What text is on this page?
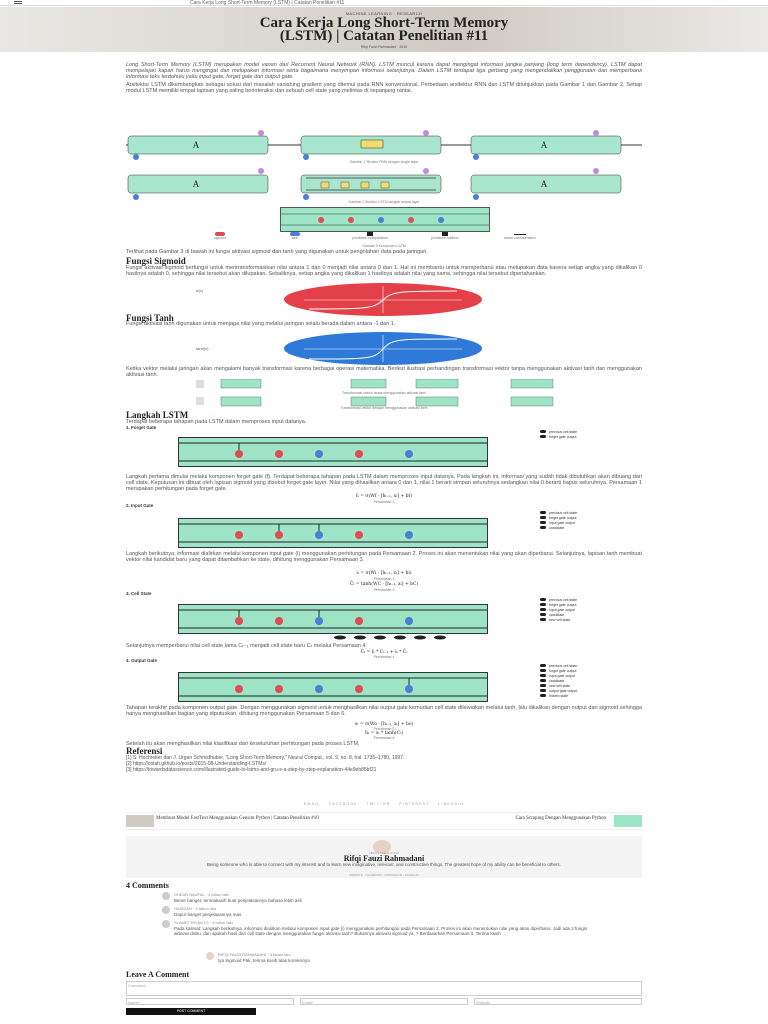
Cara Kerja Long Short-Term Memory (LSTM) | Catatan Penelitian #11
MACHINE LEARNING · RESEARCH
Cara Kerja Long Short-Term Memory
(LSTM) | Catatan Penelitian #11
Rifqi Fauzi Rahmadani · 2019
Long Short-Term Memory (LSTM) merupakan model varian dari Recurrent Neural Network (RNN). LSTM muncul karena dapat mengingat informasi jangka panjang (long term dependency). LSTM dapat mempelajari kapan harus mengingat dan melupakan informasi serta bagaimana menyimpan informasi selanjutnya. Dalam LSTM terdapat tiga gerbang yang mengendalikan penggunaan dan memperbarui informasi teks terdahulu yaitu input gate, forget gate dan output gate.
Arsitektur LSTM dikembangkan sebagai solusi dari masalah vanishing gradient yang ditemui pada RNN konvensional. Perbedaan arsitektur RNN dan LSTM ditunjukkan pada Gambar 1 dan Gambar 2. Setiap modul LSTM memiliki empat lapisan yang saling berinteraksi dan sebuah cell state yang melintas di sepanjang rantai.
A	A
Gambar 1 Struktur RNN dengan single layer
A	A
Gambar 2 Struktur LSTM dengan empat layer
sigmoid	tanh	pointwise multiplication	pointwise addition	vector concatenation
Gambar 3 Komponen LSTM
Terlihat pada Gambar 3 di bawah ini fungsi aktivasi sigmoid dan tanh yang digunakan untuk pengolahan data pada jaringan.
Fungsi Sigmoid
Fungsi aktivasi sigmoid berfungsi untuk mentransformasikan nilai antara 1 dan 0 menjadi nilai antara 0 dan 1. Hal ini membantu untuk memperbarui atau melupakan data karena setiap angka yang dikalikan 0 hasilnya adalah 0, sehingga nilai tersebut akan dilupakan. Sebaliknya, setiap angka yang dikalikan 1 hasilnya adalah nilai yang sama, sehingga nilai tersebut dipertahankan.
σ(x)
Fungsi Tanh
Fungsi aktivasi tanh digunakan untuk menjaga nilai yang melalui jaringan selalu berada dalam antara -1 dan 1.
tanh(x)
Ketika vektor melalui jaringan akan mengalami banyak transformasi karena berbagai operasi matematika. Berikut ilustrasi perbandingan transformasi vektor tanpa menggunakan aktivasi tanh dan menggunakan aktivasi tanh.
Transformasi vektor tanpa menggunakan aktivasi tanh
Transformasi vektor dengan menggunakan aktivasi tanh
Langkah LSTM
Terdapat beberapa tahapan pada LSTM dalam memproses input datanya.
1. Forget Gate
previous cell state
forget gate output
Langkah pertama dimulai melalui komponen forget gate (f). Terdapat beberapa tahapan pada LSTM dalam memproses input datanya. Pada langkah ini, informasi yang sudah tidak dibutuhkan akan dibuang dari cell state. Keputusan ini dibuat oleh lapisan sigmoid yang disebut forget gate layer. Nilai yang dihasilkan antara 0 dan 1, nilai 1 berarti simpan seluruhnya sedangkan nilai 0 berarti hapus seluruhnya. Persamaan 1 merupakan perhitungan pada forget gate.
fₜ = σ(Wf · [hₜ₋₁, xₜ] + bf)
Persamaan 1
2. Input Gate
previous cell state
forget gate output
input gate output
candidate
Langkah berikutnya, informasi dialirkan melalui komponen input gate (i) menggunakan perhitungan pada Persamaan 2. Proses ini akan menentukan nilai yang akan diperbarui. Selanjutnya, lapisan tanh membuat vektor nilai kandidat baru yang dapat ditambahkan ke state, dihitung menggunakan Persamaan 3.
iₜ = σ(Wi · [hₜ₋₁, xₜ] + bi)
Persamaan 2
C̃ₜ = tanh(WC · [hₜ₋₁, xₜ] + bC)
Persamaan 3
3. Cell State
previous cell state
forget gate output
input gate output
candidate
new cell state
Selanjutnya memperbarui nilai cell state lama Cₜ₋₁ menjadi cell state baru Cₜ melalui Persamaan 4.
Cₜ = fₜ * Cₜ₋₁ + iₜ * C̃ₜ
Persamaan 4
4. Output Gate
previous cell state
forget gate output
input gate output
candidate
new cell state
output gate output
hidden state
Tahapan terakhir pada komponen output gate. Dengan menggunakan sigmoid untuk menghasilkan nilai output gate kemudian cell state dilewatkan melalui tanh, lalu dikalikan dengan output dari sigmoid sehingga hanya menghasilkan bagian yang diputuskan, dihitung menggunakan Persamaan 5 dan 6.
oₜ = σ(Wo · [hₜ₋₁, xₜ] + bo)
Persamaan 5
hₜ = oₜ * tanh(Cₜ)
Persamaan 6
Setelah itu akan menghasilkan nilai klasifikasi dari keseluruhan perhitungan pada proses LSTM.
Referensi
[1] S. Hochreiter dan J. Urgen Schmidhuber, "Long Short-Term Memory," Neural Comput., vol. 9, no. 8, hal. 1735–1780, 1997.
[2] https://colah.github.io/posts/2015-08-Understanding-LSTMs/
[3] https://towardsdatascience.com/illustrated-guide-to-lstms-and-gru-s-a-step-by-step-explanation-44e9eb85bf21
EMAIL FACEBOOK TWITTER PINTEREST LINKEDIN
Membuat Model FastText Menggunakan Gensim Python | Catatan Penelitian #10	Cara Scraping Dengan Menggunakan Python
ABOUT THE AUTHOR
Rifqi Fauzi Rahmadani
Being someone who is able to connect with my interest and to learn new imaginative, relevant, and constructive things. The greatest hope of my ability can be beneficial to others.
WEBSITE · FACEBOOK · INSTAGRAM · LINKEDIN
4 Comments
DHEAN NAUFAL · 4 tahun lalu
Bener banget, terimakasih buat penjelasannya bahasa lebih asli
HASIDAH · 4 tahun lalu
Dapur banget penjelasannya mas
SLAMET RIYANTO · 4 tahun lalu
Pada kalimat: Langkah berikutnya, informasi dialirkan melalui komponen input gate (i) menggunakan perhitungan pada Persamaan 2. Proses ini akan menentukan nilai yang akan diperbarui. Jadi ada 2 fungsi aktivasi disitu, dan apakah hasil dari cell state dengan menggunakan fungsi aktivasi tanh? Bukannya aktivasi sigmoid ya, ? Berdasarkan Persamaan 3. Terima kasih
RIFQI FAUZI RAHMADANI · 4 tahun lalu
Iya Sigmoid Pak, terima kasih atas koreksinya
Leave A Comment
Comment...
Name*	Email*	Website
POST COMMENT
